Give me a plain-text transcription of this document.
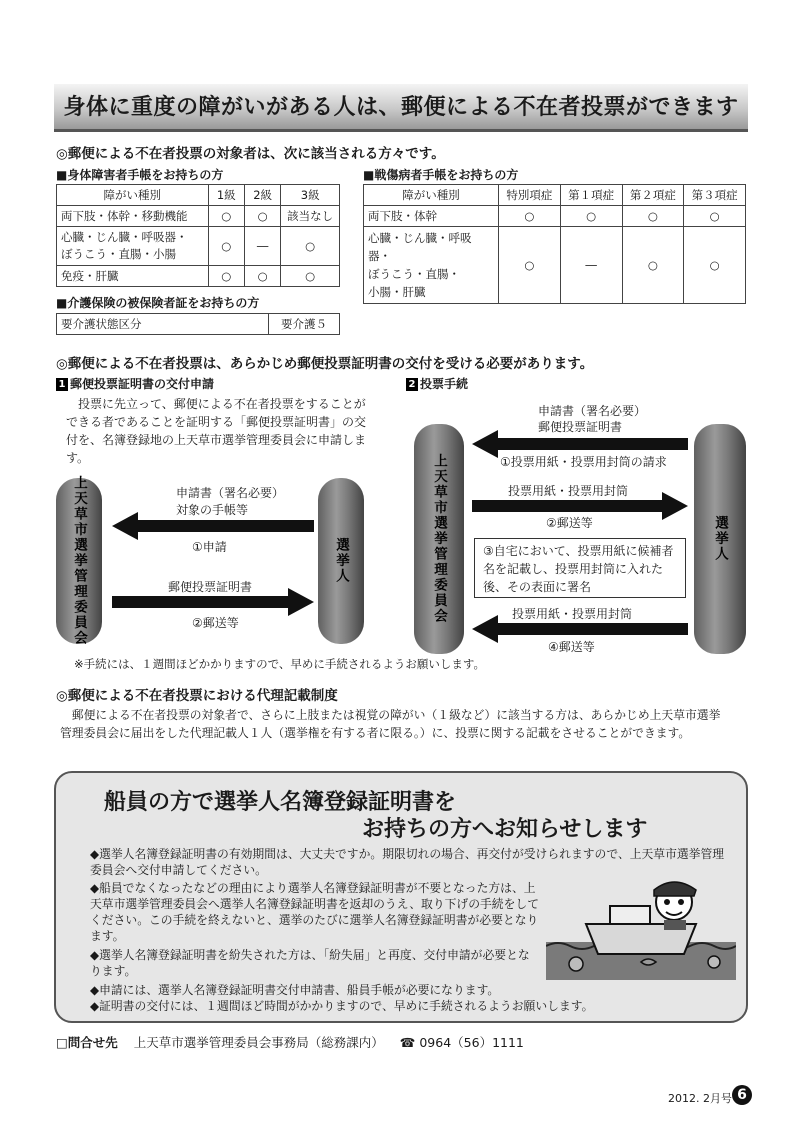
身体に重度の障がいがある人は、郵便による不在者投票ができます
◎郵便による不在者投票の対象者は、次に該当される方々です。
■身体障害者手帳をお持ちの方
障がい種別	1級	2級	3級
両下肢・体幹・移動機能	○	○	該当なし
心臓・じん臓・呼吸器・
ぼうこう・直腸・小腸	○	―	○
免疫・肝臓	○	○	○
■介護保険の被保険者証をお持ちの方
要介護状態区分	要介護５
■戦傷病者手帳をお持ちの方
障がい種別	特別項症	第１項症	第２項症	第３項症
両下肢・体幹	○	○	○	○
心臓・じん臓・呼吸器・
ぼうこう・直腸・
小腸・肝臓	○	―	○	○
◎郵便による不在者投票は、あらかじめ郵便投票証明書の交付を受ける必要があります。
1 郵便投票証明書の交付申請
　投票に先立って、郵便による不在者投票をすることができる者であることを証明する「郵便投票証明書」の交付を、名簿登録地の上天草市選挙管理委員会に申請します。
上天草市選挙管理委員会	選挙人
申請書（署名必要）
対象の手帳等
①申請
郵便投票証明書
②郵送等
2 投票手続
上天草市選挙管理委員会	選挙人
申請書（署名必要）
郵便投票証明書
①投票用紙・投票用封筒の請求
投票用紙・投票用封筒
②郵送等
③自宅において、投票用紙に候補者名を記載し、投票用封筒に入れた後、その表面に署名
投票用紙・投票用封筒
④郵送等
※手続には、１週間ほどかかりますので、早めに手続されるようお願いします。
◎郵便による不在者投票における代理記載制度
　郵便による不在者投票の対象者で、さらに上肢または視覚の障がい（１級など）に該当する方は、あらかじめ上天草市選挙管理委員会に届出をした代理記載人１人（選挙権を有する者に限る。）に、投票に関する記載をさせることができます。
船員の方で選挙人名簿登録証明書を
お持ちの方へお知らせします
◆選挙人名簿登録証明書の有効期間は、大丈夫ですか。期限切れの場合、再交付が受けられますので、上天草市選挙管理委員会へ交付申請してください。
◆船員でなくなったなどの理由により選挙人名簿登録証明書が不要となった方は、上天草市選挙管理委員会へ選挙人名簿登録証明書を返却のうえ、取り下げの手続をしてください。この手続を終えないと、選挙のたびに選挙人名簿登録証明書が必要となります。
◆選挙人名簿登録証明書を紛失された方は、「紛失届」と再度、交付申請が必要となります。
◆申請には、選挙人名簿登録証明書交付申請書、船員手帳が必要になります。
◆証明書の交付には、１週間ほど時間がかかりますので、早めに手続されるようお願いします。
□問合せ先 上天草市選挙管理委員会事務局（総務課内） ☎ 0964（56）1111
2012. 2月号 6
